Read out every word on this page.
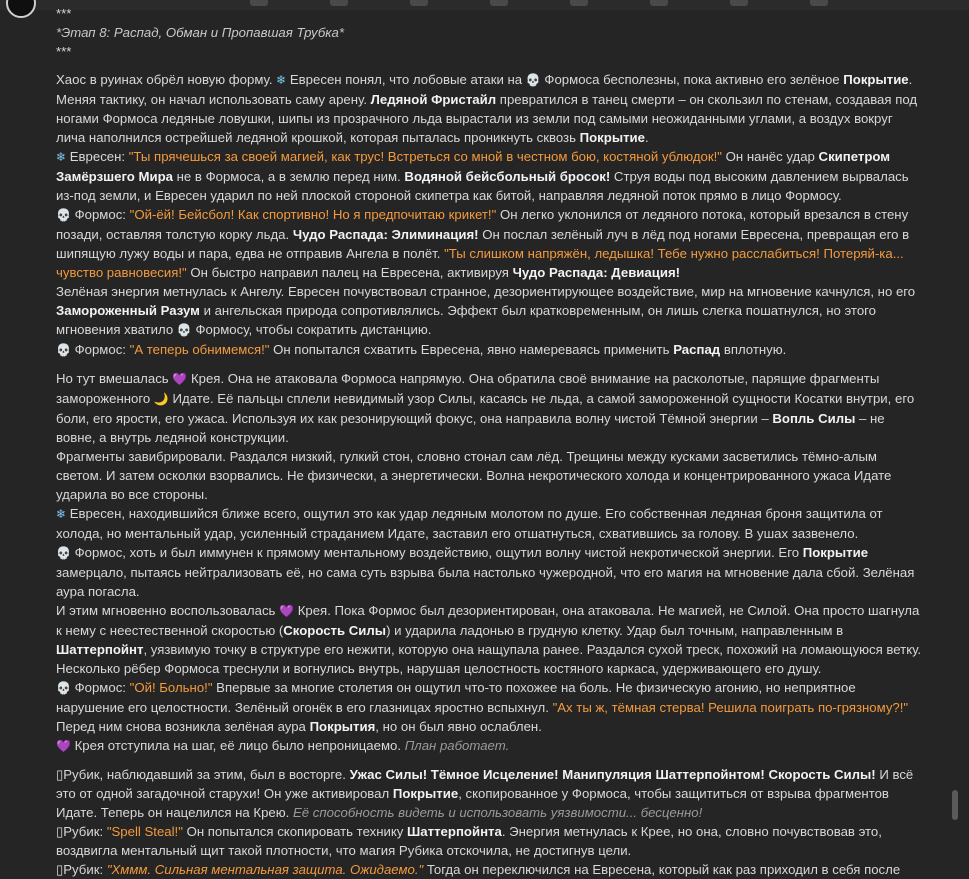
***

*Этап 8: Распад, Обман и Пропавшая Трубка*

***

Хаос в руинах обрёл новую форму. ❄ Евресен понял, что лобовые атаки на 💀 Формоса бесполезны, пока активно его зелёное Покрытие. Меняя тактику, он начал использовать саму арену. Ледяной Фристайл превратился в танец смерти – он скользил по стенам, создавая под ногами Формоса ледяные ловушки, шипы из прозрачного льда вырастали из земли под самыми неожиданными углами, а воздух вокруг лича наполнился острейшей ледяной крошкой, которая пыталась проникнуть сквозь Покрытие.

❄ Евресен: "Ты прячешься за своей магией, как трус! Встреться со мной в честном бою, костяной ублюдок!" Он нанёс удар Скипетром Замёрзшего Мира не в Формоса, а в землю перед ним. Водяной бейсбольный бросок! Струя воды под высоким давлением вырвалась из-под земли, и Евресен ударил по ней плоской стороной скипетра как битой, направляя ледяной поток прямо в лицо Формосу.

💀 Формос: "Ой-ёй! Бейсбол! Как спортивно! Но я предпочитаю крикет!" Он легко уклонился от ледяного потока, который врезался в стену позади, оставляя толстую корку льда. Чудо Распада: Элиминация! Он послал зелёный луч в лёд под ногами Евресена, превращая его в шипящую лужу воды и пара, едва не отправив Ангела в полёт. "Ты слишком напряжён, ледышка! Тебе нужно расслабиться! Потеряй-ка... чувство равновесия!" Он быстро направил палец на Евресена, активируя Чудо Распада: Девиация!

Зелёная энергия метнулась к Ангелу. Евресен почувствовал странное, дезориентирующее воздействие, мир на мгновение качнулся, но его Замороженный Разум и ангельская природа сопротивлялись. Эффект был кратковременным, он лишь слегка пошатнулся, но этого мгновения хватило 💀 Формосу, чтобы сократить дистанцию.

💀 Формос: "А теперь обнимемся!" Он попытался схватить Евресена, явно намереваясь применить Распад вплотную.

Но тут вмешалась 💜 Крея. Она не атаковала Формоса напрямую. Она обратила своё внимание на расколотые, парящие фрагменты замороженного 🌙 Идате. Её пальцы сплели невидимый узор Силы, касаясь не льда, а самой замороженной сущности Косатки внутри, его боли, его ярости, его ужаса. Используя их как резонирующий фокус, она направила волну чистой Тёмной энергии – Вопль Силы – не вовне, а внутрь ледяной конструкции.

Фрагменты завибрировали. Раздался низкий, гулкий стон, словно стонал сам лёд. Трещины между кусками засветились тёмно-алым светом. И затем осколки взорвались. Не физически, а энергетически. Волна некротического холода и концентрированного ужаса Идате ударила во все стороны.

❄ Евресен, находившийся ближе всего, ощутил это как удар ледяным молотом по душе. Его собственная ледяная броня защитила от холода, но ментальный удар, усиленный страданием Идате, заставил его отшатнуться, схватившись за голову. В ушах зазвенело.

💀 Формос, хоть и был иммунен к прямому ментальному воздействию, ощутил волну чистой некротической энергии. Его Покрытие замерцало, пытаясь нейтрализовать её, но сама суть взрыва была настолько чужеродной, что его магия на мгновение дала сбой. Зелёная аура погасла.

И этим мгновенно воспользовалась 💜 Крея. Пока Формос был дезориентирован, она атаковала. Не магией, не Силой. Она просто шагнула к нему с неестественной скоростью (Скорость Силы) и ударила ладонью в грудную клетку. Удар был точным, направленным в Шаттерпойнт, уязвимую точку в структуре его нежити, которую она нащупала ранее. Раздался сухой треск, похожий на ломающуюся ветку. Несколько рёбер Формоса треснули и вогнулись внутрь, нарушая целостность костяного каркаса, удерживающего его душу.

💀 Формос: "Ой! Больно!" Впервые за многие столетия он ощутил что-то похожее на боль. Не физическую агонию, но неприятное нарушение его целостности. Зелёный огонёк в его глазницах яростно вспыхнул. "Ах ты ж, тёмная стерва! Решила поиграть по-грязному?!"

Перед ним снова возникла зелёная аура Покрытия, но он был явно ослаблен.

💜 Крея отступила на шаг, её лицо было непроницаемо. План работает.

▯Рубик, наблюдавший за этим, был в восторге. Ужас Силы! Тёмное Исцеление! Манипуляция Шаттерпойнтом! Скорость Силы! И всё это от одной загадочной старухи! Он уже активировал Покрытие, скопированное у Формоса, чтобы защититься от взрыва фрагментов Идате. Теперь он нацелился на Крею. Её способность видеть и использовать уязвимости... бесценно!

▯Рубик: "Spell Steal!" Он попытался скопировать технику Шаттерпойнта. Энергия метнулась к Крее, но она, словно почувствовав это, воздвигла ментальный щит такой плотности, что магия Рубика отскочила, не достигнув цели.

▯Рубик: "Хммм. Сильная ментальная защита. Ожидаемо." Тогда он переключился на Евресена, который как раз приходил в себя после
